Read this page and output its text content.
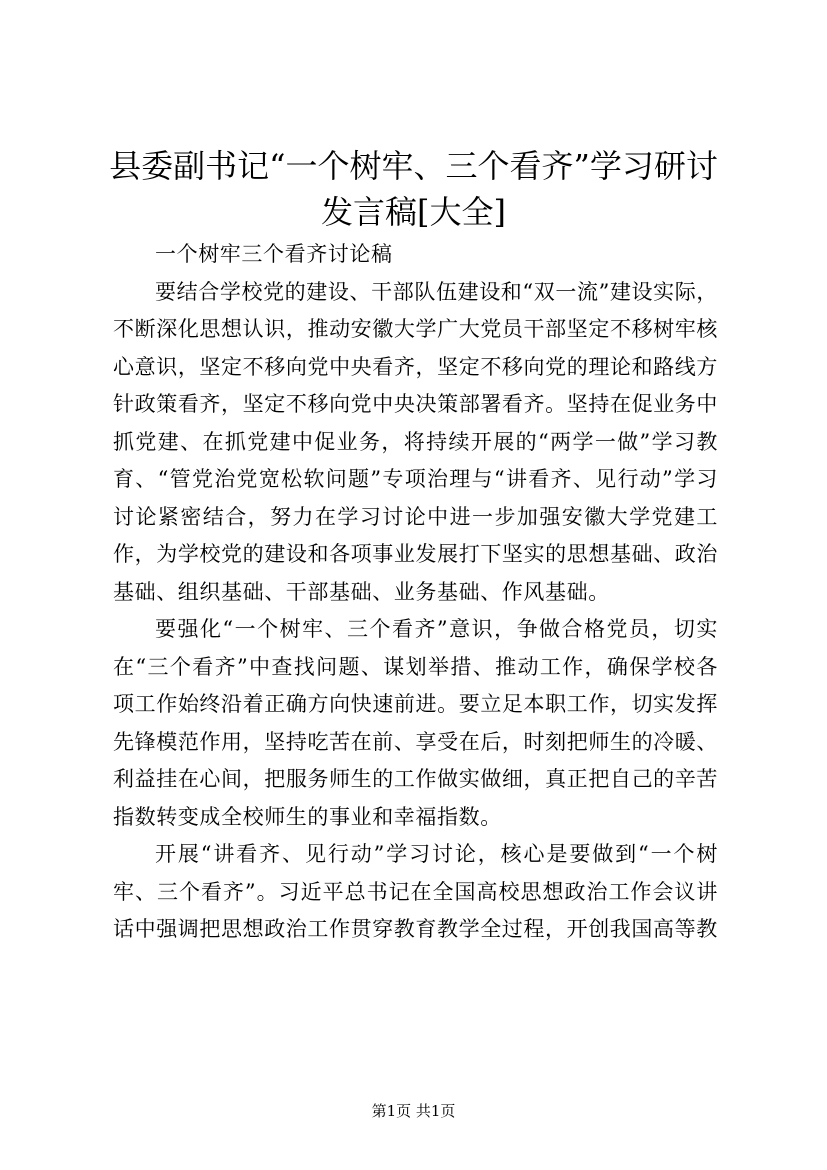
县委副书记“一个树牢、三个看齐”学习研讨
发言稿[大全]

一个树牢三个看齐讨论稿

要结合学校党的建设、干部队伍建设和“双一流”建设实际，不断深化思想认识，推动安徽大学广大党员干部坚定不移树牢核心意识，坚定不移向党中央看齐，坚定不移向党的理论和路线方针政策看齐，坚定不移向党中央决策部署看齐。坚持在促业务中抓党建、在抓党建中促业务，将持续开展的“两学一做”学习教育、“管党治党宽松软问题”专项治理与“讲看齐、见行动”学习讨论紧密结合，努力在学习讨论中进一步加强安徽大学党建工作，为学校党的建设和各项事业发展打下坚实的思想基础、政治基础、组织基础、干部基础、业务基础、作风基础。

要强化“一个树牢、三个看齐”意识，争做合格党员，切实在“三个看齐”中查找问题、谋划举措、推动工作，确保学校各项工作始终沿着正确方向快速前进。要立足本职工作，切实发挥先锋模范作用，坚持吃苦在前、享受在后，时刻把师生的冷暖、利益挂在心间，把服务师生的工作做实做细，真正把自己的辛苦指数转变成全校师生的事业和幸福指数。

开展“讲看齐、见行动”学习讨论，核心是要做到“一个树牢、三个看齐”。习近平总书记在全国高校思想政治工作会议讲话中强调把思想政治工作贯穿教育教学全过程，开创我国高等教

第1页 共1页
